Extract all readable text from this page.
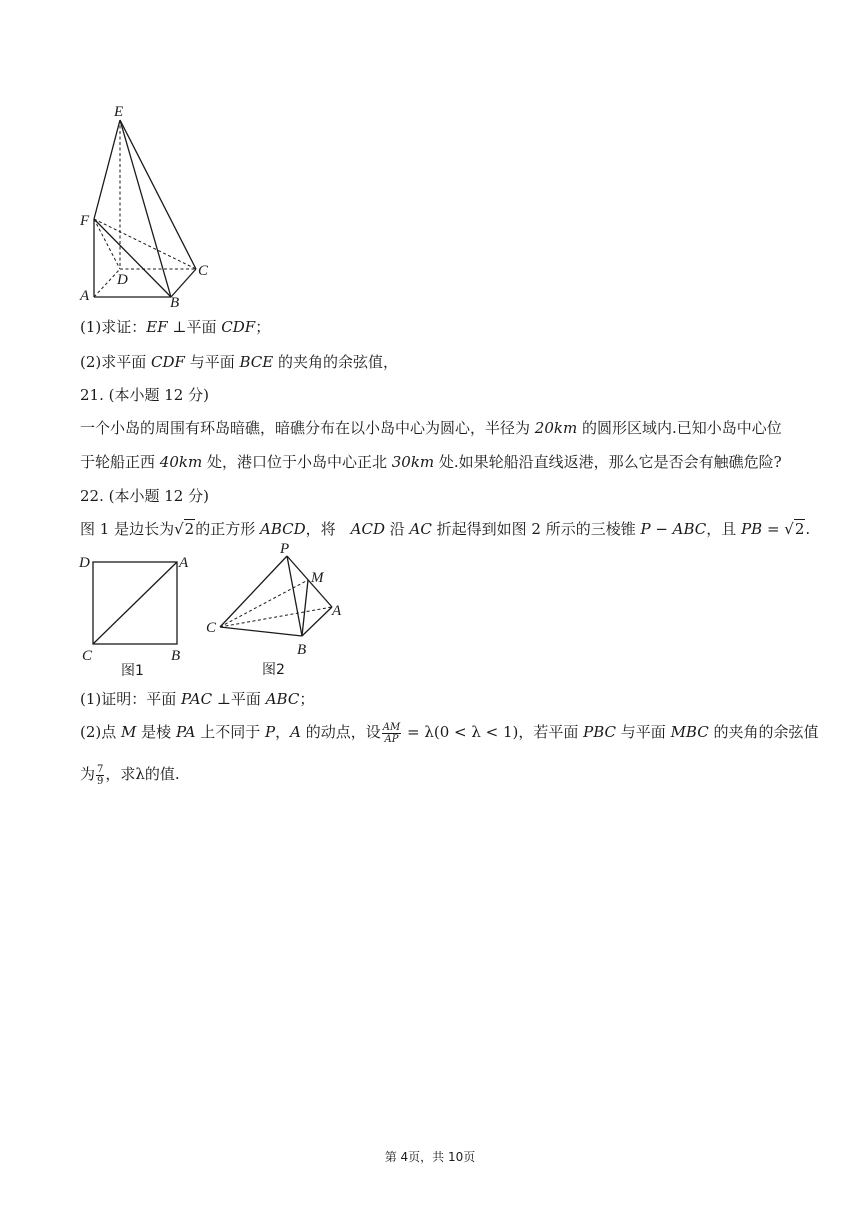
E
F
D
C
A	B
(1)求证：EF ⊥平面 CDF；
(2)求平面 CDF 与平面 BCE 的夹角的余弦值，
21. (本小题 12 分)
一个小岛的周围有环岛暗礁，暗礁分布在以小岛中心为圆心，半径为 20km 的圆形区域内.已知小岛中心位
于轮船正西 40km 处，港口位于小岛中心正北 30km 处.如果轮船沿直线返港，那么它是否会有触礁危险?
22. (本小题 12 分)
图 1 是边长为√2的正方形 ABCD，将　ACD 沿 AC 折起得到如图 2 所示的三棱锥 P − ABC，且 PB = √2.
D	A
C	B
图1
P
M
A
C
B
图2
(1)证明：平面 PAC ⊥平面 ABC；
(2)点 M 是棱 PA 上不同于 P，A 的动点，设 $\frac{AM}{AP} = \lambda(0 < \lambda < 1)$，若平面 PBC 与平面 MBC 的夹角的余弦值
为 $\frac{7}{9}$ ，求λ的值.
第 4页，共 10页
